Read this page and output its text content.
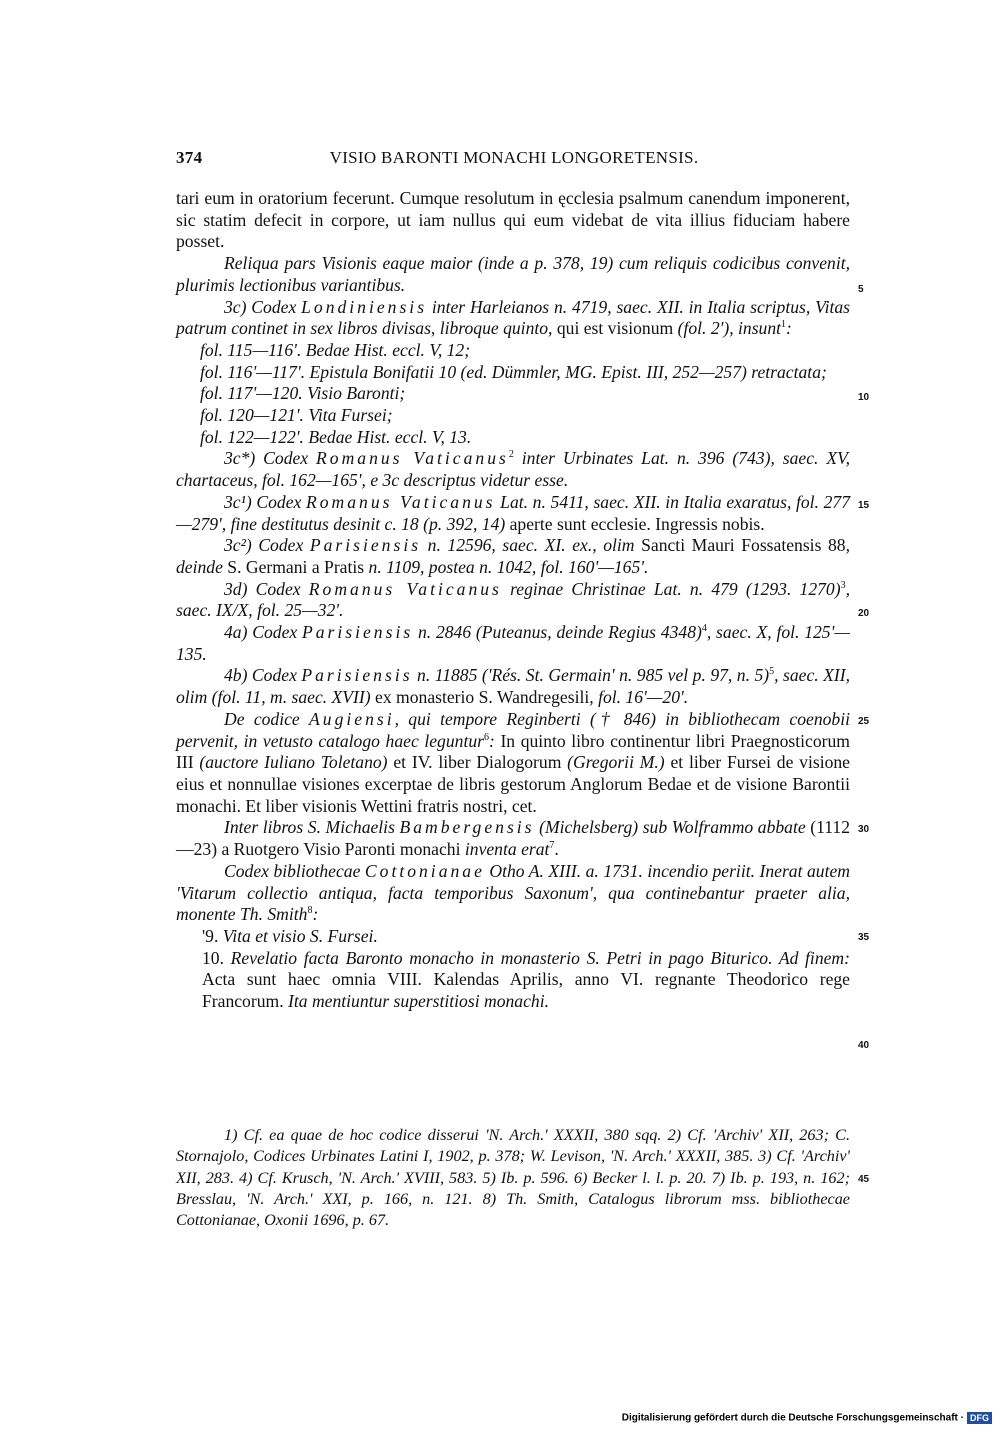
374	VISIO BARONTI MONACHI LONGORETENSIS.
5
10
15
20
25
30
35
40
45

tari eum in oratorium fecerunt. Cumque resolutum in ęcclesia psalmum canendum imponerent, sic statim defecit in corpore, ut iam nullus qui eum videbat de vita illius fiduciam habere posset.

Reliqua pars Visionis eaque maior (inde a p. 378, 19) cum reliquis codicibus convenit, plurimis lectionibus variantibus.

3c) Codex Londiniensis inter Harleianos n. 4719, saec. XII. in Italia scriptus, Vitas patrum continet in sex libros divisas, libroque quinto, qui est visionum (fol. 2'), insunt$^1$:

fol. 115—116'. Bedae Hist. eccl. V, 12;

fol. 116'—117'. Epistula Bonifatii 10 (ed. Dümmler, MG. Epist. III, 252—257) retractata;

fol. 117'—120. Visio Baronti;

fol. 120—121'. Vita Fursei;

fol. 122—122'. Bedae Hist. eccl. V, 13.

3c*) Codex Romanus Vaticanus$^2$ inter Urbinates Lat. n. 396 (743), saec. XV, chartaceus, fol. 162—165', e 3c descriptus videtur esse.

3c¹) Codex Romanus Vaticanus Lat. n. 5411, saec. XII. in Italia exaratus, fol. 277—279', fine destitutus desinit c. 18 (p. 392, 14) aperte sunt ecclesie. Ingressis nobis.

3c²) Codex Parisiensis n. 12596, saec. XI. ex., olim Sancti Mauri Fossatensis 88, deinde S. Germani a Pratis n. 1109, postea n. 1042, fol. 160'—165'.

3d) Codex Romanus Vaticanus reginae Christinae Lat. n. 479 (1293. 1270)$^3$, saec. IX/X, fol. 25—32'.

4a) Codex Parisiensis n. 2846 (Puteanus, deinde Regius 4348)$^4$, saec. X, fol. 125'—135.

4b) Codex Parisiensis n. 11885 ('Rés. St. Germain' n. 985 vel p. 97, n. 5)$^5$, saec. XII, olim (fol. 11, m. saec. XVII) ex monasterio S. Wandregesili, fol. 16'—20'.

De codice Augiensi, qui tempore Reginberti († 846) in bibliothecam coenobii pervenit, in vetusto catalogo haec leguntur$^6$: In quinto libro continentur libri Praegnosticorum III (auctore Iuliano Toletano) et IV. liber Dialogorum (Gregorii M.) et liber Fursei de visione eius et nonnullae visiones excerptae de libris gestorum Anglorum Bedae et de visione Barontii monachi. Et liber visionis Wettini fratris nostri, cet.

Inter libros S. Michaelis Bambergensis (Michelsberg) sub Wolframmo abbate (1112—23) a Ruotgero Visio Paronti monachi inventa erat$^7$.

Codex bibliothecae Cottonianae Otho A. XIII. a. 1731. incendio periit. Inerat autem 'Vitarum collectio antiqua, facta temporibus Saxonum', qua continebantur praeter alia, monente Th. Smith$^8$:

'9. Vita et visio S. Fursei.

10. Revelatio facta Baronto monacho in monasterio S. Petri in pago Biturico. Ad finem: Acta sunt haec omnia VIII. Kalendas Aprilis, anno VI. regnante Theodorico rege Francorum. Ita mentiuntur superstitiosi monachi.

1) Cf. ea quae de hoc codice disserui 'N. Arch.' XXXII, 380 sqq. 2) Cf. 'Archiv' XII, 263; C. Stornajolo, Codices Urbinates Latini I, 1902, p. 378; W. Levison, 'N. Arch.' XXXII, 385. 3) Cf. 'Archiv' XII, 283. 4) Cf. Krusch, 'N. Arch.' XVIII, 583. 5) Ib. p. 596. 6) Becker l. l. p. 20. 7) Ib. p. 193, n. 162; Bresslau, 'N. Arch.' XXI, p. 166, n. 121. 8) Th. Smith, Catalogus librorum mss. bibliothecae Cottonianae, Oxonii 1696, p. 67.

Digitalisierung gefördert durch die Deutsche Forschungsgemeinschaft · DFG
